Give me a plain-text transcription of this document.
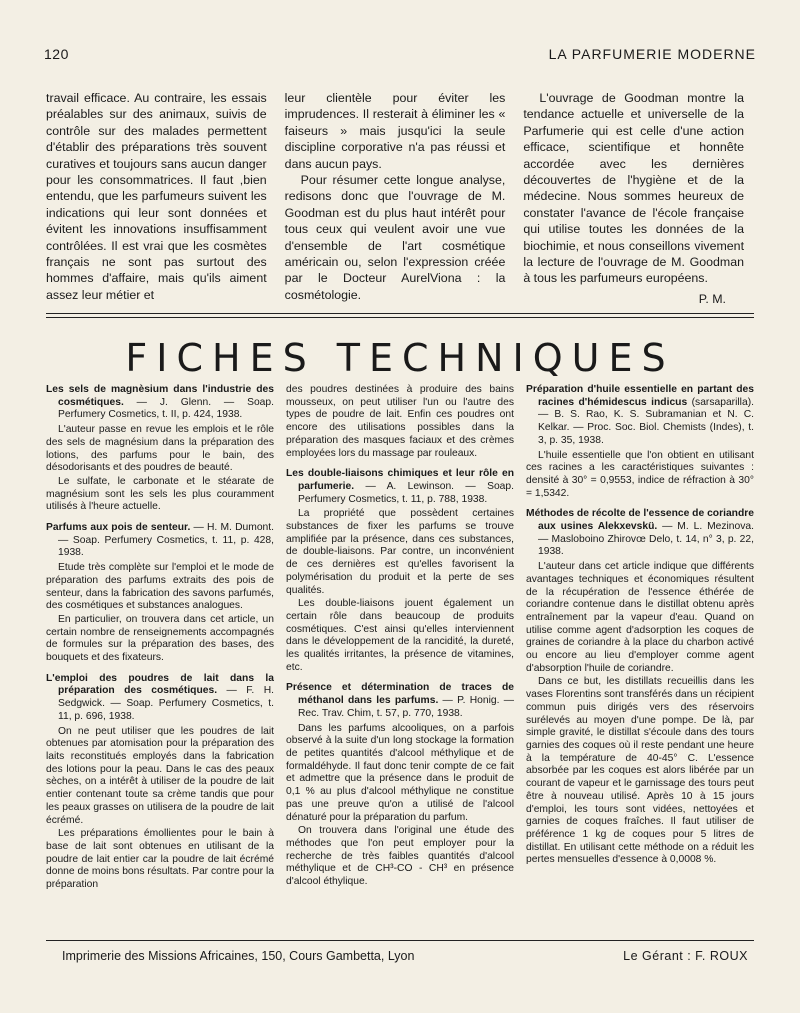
120	LA PARFUMERIE MODERNE

travail efficace. Au contraire, les essais préalables sur des animaux, suivis de contrôle sur des malades permettent d'établir des préparations très souvent curatives et toujours sans aucun danger pour les consommatrices. Il faut ,bien entendu, que les parfumeurs suivent les indications qui leur sont données et évitent les innovations insuffisamment contrôlées. Il est vrai que les cosmètes français ne sont pas surtout des hommes d'affaire, mais qu'ils aiment assez leur métier et

leur clientèle pour éviter les imprudences. Il resterait à éliminer les « faiseurs » mais jusqu'ici la seule discipline corporative n'a pas réussi et dans aucun pays.

Pour résumer cette longue analyse, redisons donc que l'ouvrage de M. Goodman est du plus haut intérêt pour tous ceux qui veulent avoir une vue d'ensemble de l'art cosmétique américain ou, selon l'expression créée par le Docteur AurelViona : la cosmétologie.

L'ouvrage de Goodman montre la tendance actuelle et universelle de la Parfumerie qui est celle d'une action efficace, scientifique et honnête accordée avec les dernières découvertes de l'hygiène et de la médecine. Nous sommes heureux de constater l'avance de l'école française qui utilise toutes les données de la biochimie, et nous conseillons vivement la lecture de l'ouvrage de M. Goodman à tous les parfumeurs européens.

P. M.

FICHES TECHNIQUES

Les sels de magnèsium dans l'industrie des cosmétiques. — J. Glenn. — Soap. Perfumery Cosmetics, t. II, p. 424, 1938.

L'auteur passe en revue les emplois et le rôle des sels de magnésium dans la préparation des lotions, des parfums pour le bain, des désodorisants et des poudres de beauté.

Le sulfate, le carbonate et le stéarate de magnésium sont les sels les plus couramment utilisés à l'heure actuelle.

Parfums aux pois de senteur. — H. M. Dumont. — Soap. Perfumery Cosmetics, t. 11, p. 428, 1938.

Etude très complète sur l'emploi et le mode de préparation des parfums extraits des pois de senteur, dans la fabrication des savons parfumés, des cosmétiques et substances analogues.

En particulier, on trouvera dans cet article, un certain nombre de renseignements accompagnés de formules sur la préparation des bases, des bouquets et des fixateurs.

L'emploi des poudres de lait dans la préparation des cosmétiques. — F. H. Sedgwick. — Soap. Perfumery Cosmetics, t. 11, p. 696, 1938.

On ne peut utiliser que les poudres de lait obtenues par atomisation pour la préparation des laits reconstitués employés dans la fabrication des lotions pour la peau. Dans le cas des peaux sèches, on a intérêt à utiliser de la poudre de lait entier contenant toute sa crème tandis que pour les peaux grasses on utilisera de la poudre de lait écrémé.

Les préparations émollientes pour le bain à base de lait sont obtenues en utilisant de la poudre de lait entier car la poudre de lait écrémé donne de moins bons résultats. Par contre pour la préparation

des poudres destinées à produire des bains mousseux, on peut utiliser l'un ou l'autre des types de poudre de lait. Enfin ces poudres ont encore des utilisations possibles dans la préparation des masques faciaux et des crèmes employées lors du massage par rouleaux.

Les double-liaisons chimiques et leur rôle en parfumerie. — A. Lewinson. — Soap. Perfumery Cosmetics, t. 11, p. 788, 1938.

La propriété que possèdent certaines substances de fixer les parfums se trouve amplifiée par la présence, dans ces substances, de double-liaisons. Par contre, un inconvénient de ces dernières est qu'elles favorisent la polymérisation du produit et la perte de ses qualités.

Les double-liaisons jouent également un certain rôle dans beaucoup de produits cosmétiques. C'est ainsi qu'elles interviennent dans le développement de la rancidité, la dureté, les qualités irritantes, la présence de vitamines, etc.

Présence et détermination de traces de méthanol dans les parfums. — P. Honig. — Rec. Trav. Chim, t. 57, p. 770, 1938.

Dans les parfums alcooliques, on a parfois observé à la suite d'un long stockage la formation de petites quantités d'alcool méthylique et de formaldéhyde. Il faut donc tenir compte de ce fait et admettre que la présence dans le produit de 0,1 % au plus d'alcool méthylique ne constitue pas une preuve qu'on a utilisé de l'alcool dénaturé pour la préparation du parfum.

On trouvera dans l'original une étude des méthodes que l'on peut employer pour la recherche de très faibles quantités d'alcool méthylique et de CH³-CO - CH³ en présence d'alcool éthylique.

Préparation d'huile essentielle en partant des racines d'hémidescus indicus (sarsaparilla). — B. S. Rao, K. S. Subramanian et N. C. Kelkar. — Proc. Soc. Biol. Chemists (Indes), t. 3, p. 35, 1938.

L'huile essentielle que l'on obtient en utilisant ces racines a les caractéristiques suivantes : densité à 30° = 0,9553, indice de réfraction à 30° = 1,5342.

Méthodes de récolte de l'essence de coriandre aux usines Alekxevskü. — M. L. Mezinova. — Masloboino Zhirovœ Delo, t. 14, n° 3, p. 22, 1938.

L'auteur dans cet article indique que différents avantages techniques et économiques résultent de la récupération de l'essence éthérée de coriandre contenue dans le distillat obtenu après entraînement par la vapeur d'eau. Quand on utilise comme agent d'adsorption les coques de graines de coriandre à la place du charbon activé ou encore au lieu d'employer comme agent d'absorption l'huile de coriandre.

Dans ce but, les distillats recueillis dans les vases Florentins sont transférés dans un récipient commun puis dirigés vers des réservoirs surélevés au moyen d'une pompe. De là, par simple gravité, le distillat s'écoule dans des tours garnies des coques où il reste pendant une heure à la température de 40-45° C. L'essence absorbée par les coques est alors libérée par un courant de vapeur et le garnissage des tours peut être à nouveau utilisé. Après 10 à 15 jours d'emploi, les tours sont vidées, nettoyées et garnies de coques fraîches. Il faut utiliser de préférence 1 kg de coques pour 5 litres de distillat. En utilisant cette méthode on a réduit les pertes mensuelles d'essence à 0,0008 %.

Imprimerie des Missions Africaines, 150, Cours Gambetta, Lyon	Le Gérant : F. ROUX
